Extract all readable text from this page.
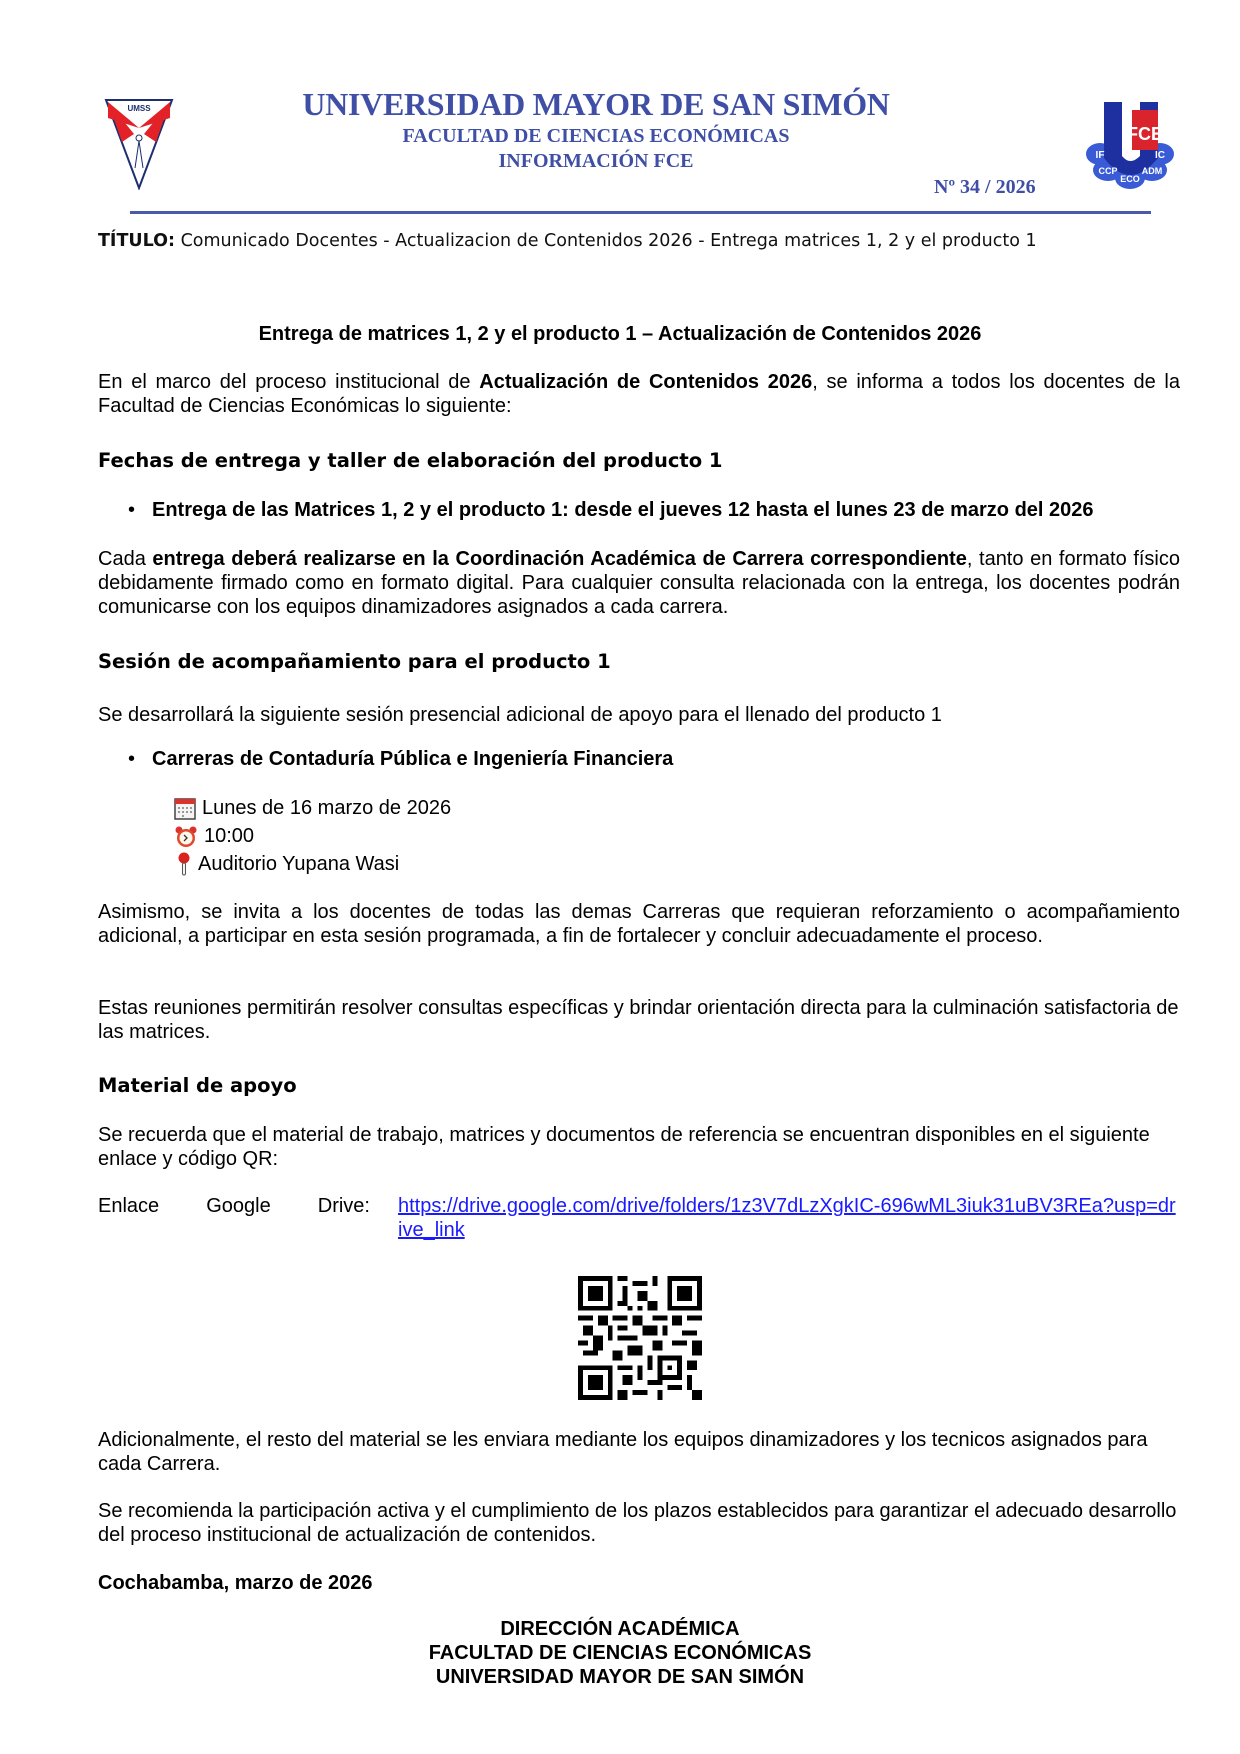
UMSS	UNIVERSIDAD MAYOR DE SAN SIMÓN
FACULTAD DE CIENCIAS ECONÓMICAS
INFORMACIÓN FCE
Nº 34 / 2026
FCE
IF
CCP
ECO
ADM
IC
TÍTULO: Comunicado Docentes - Actualizacion de Contenidos 2026 - Entrega matrices 1, 2 y el producto 1
Entrega de matrices 1, 2 y el producto 1 – Actualización de Contenidos 2026
En el marco del proceso institucional de Actualización de Contenidos 2026, se informa a todos los docentes de la Facultad de Ciencias Económicas lo siguiente:
Fechas de entrega y taller de elaboración del producto 1
• Entrega de las Matrices 1, 2 y el producto 1: desde el jueves 12 hasta el lunes 23 de marzo del 2026
Cada entrega deberá realizarse en la Coordinación Académica de Carrera correspondiente, tanto en formato físico debidamente firmado como en formato digital. Para cualquier consulta relacionada con la entrega, los docentes podrán comunicarse con los equipos dinamizadores asignados a cada carrera.
Sesión de acompañamiento para el producto 1
Se desarrollará la siguiente sesión presencial adicional de apoyo para el llenado del producto 1
• Carreras de Contaduría Pública e Ingeniería Financiera
Lunes de 16 marzo de 2026
10:00
Auditorio Yupana Wasi
Asimismo, se invita a los docentes de todas las demas Carreras que requieran reforzamiento o acompañamiento adicional, a participar en esta sesión programada, a fin de fortalecer y concluir adecuadamente el proceso.
Estas reuniones permitirán resolver consultas específicas y brindar orientación directa para la culminación satisfactoria de las matrices.
Material de apoyo
Se recuerda que el material de trabajo, matrices y documentos de referencia se encuentran disponibles en el siguiente enlace y código QR:
Enlace Google Drive: https://drive.google.com/drive/folders/1z3V7dLzXgkIC-696wML3iuk31uBV3REa?usp=drive_link
Adicionalmente, el resto del material se les enviara mediante los equipos dinamizadores y los tecnicos asignados para cada Carrera.
Se recomienda la participación activa y el cumplimiento de los plazos establecidos para garantizar el adecuado desarrollo del proceso institucional de actualización de contenidos.
Cochabamba, marzo de 2026
DIRECCIÓN ACADÉMICA
FACULTAD DE CIENCIAS ECONÓMICAS
UNIVERSIDAD MAYOR DE SAN SIMÓN
